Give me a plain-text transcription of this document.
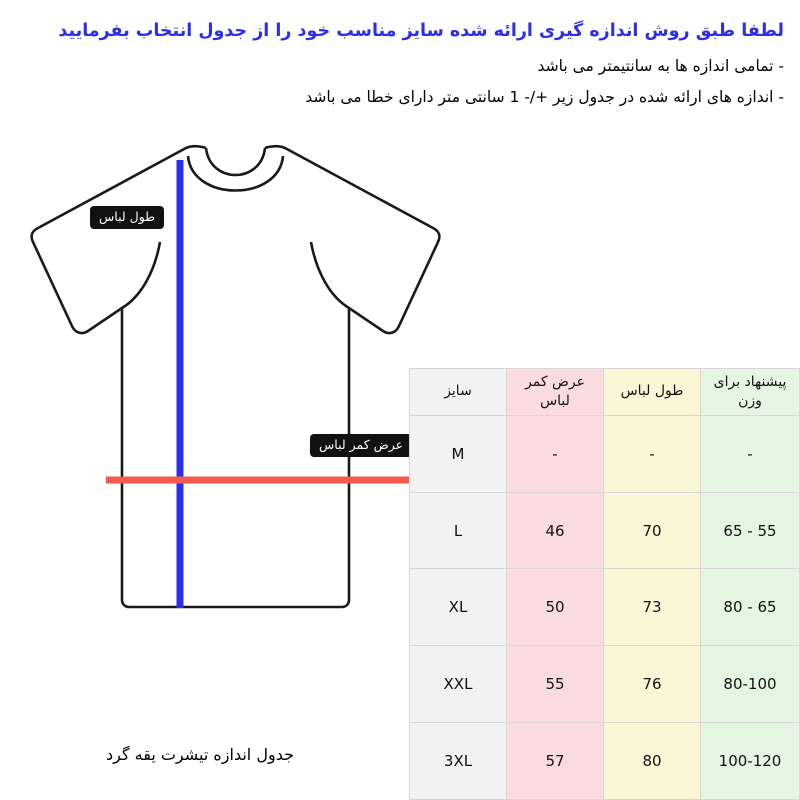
لطفا طبق روش اندازه گیری ارائه شده سایز مناسب خود را از جدول انتخاب بفرمایید
- تمامی اندازه ها به سانتیمتر می باشد
- اندازه های ارائه شده در جدول زیر +/- 1 سانتی متر دارای خطا می باشد
طول لباس
عرض کمر لباس
جدول اندازه تیشرت یقه گرد
پیشنهاد برای وزن	طول لباس	عرض کمر لباس	سایز
-	-	-	M
55 - 65	70	46	L
65 - 80	73	50	XL
80-100	76	55	XXL
100-120	80	57	3XL
